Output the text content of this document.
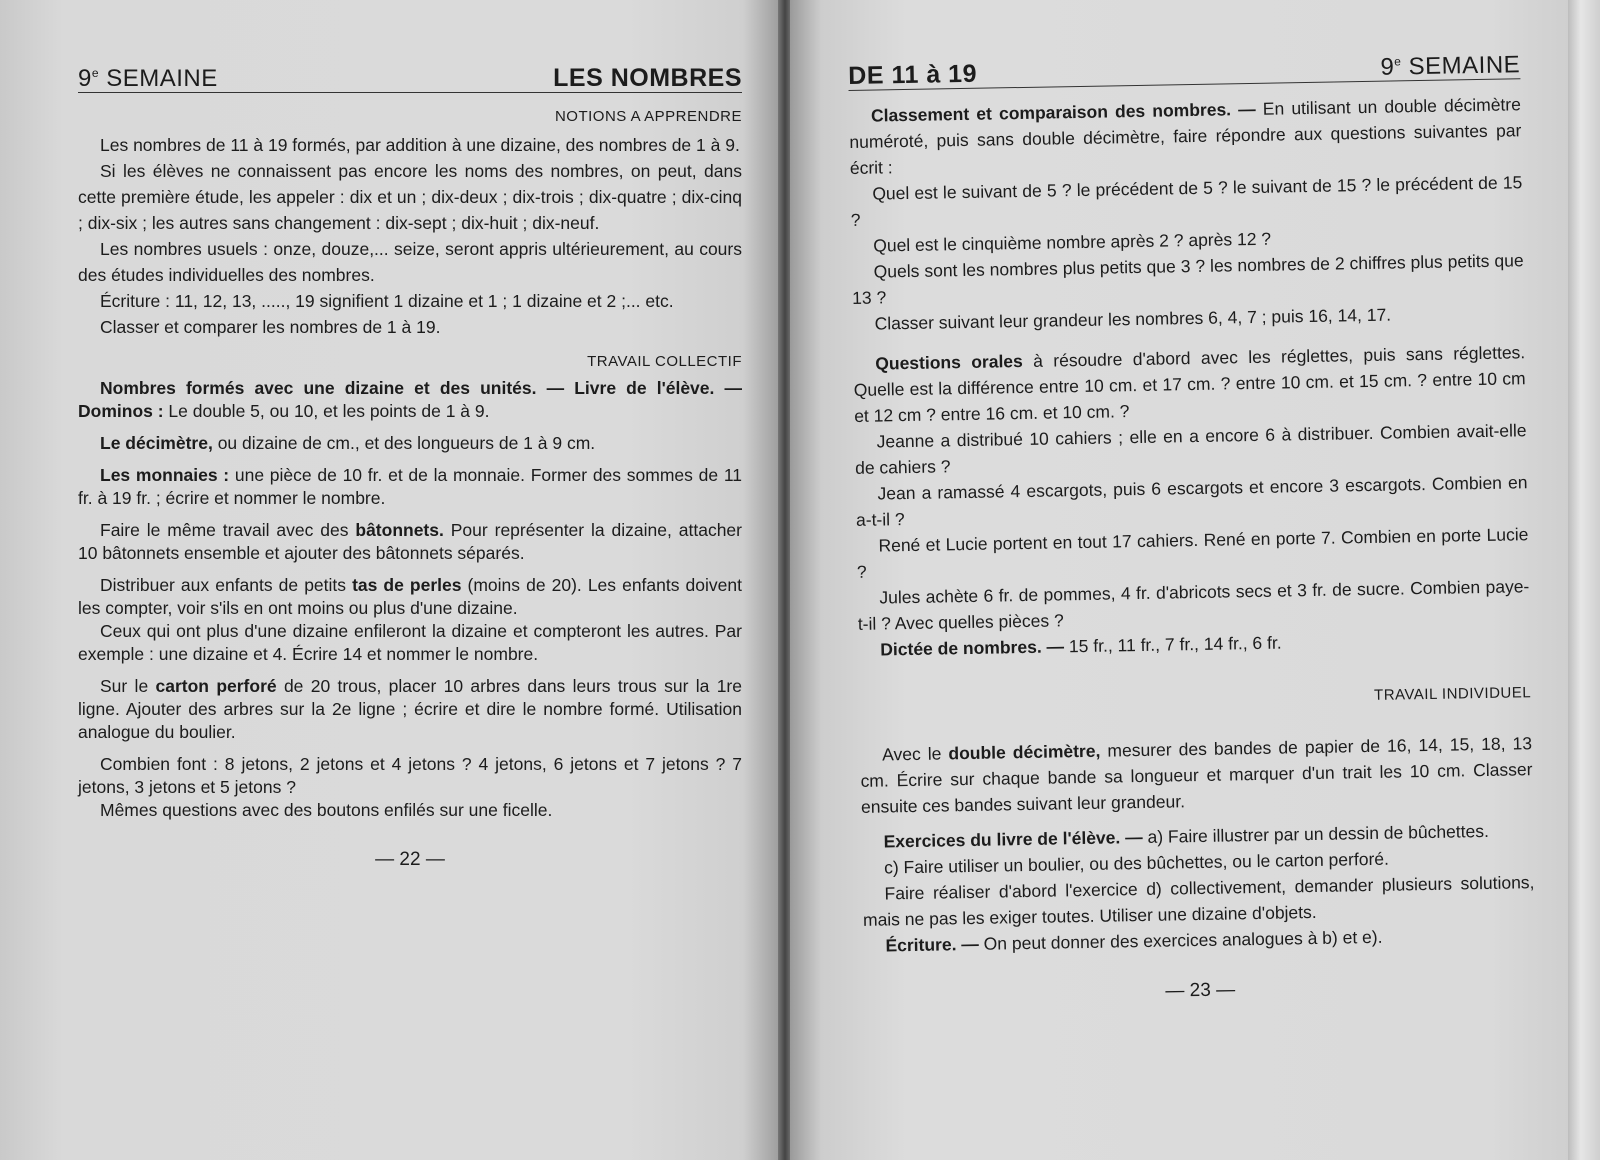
9e SEMAINE	LES NOMBRES
NOTIONS A APPRENDRE

Les nombres de 11 à 19 formés, par addition à une dizaine, des nombres de 1 à 9.

Si les élèves ne connaissent pas encore les noms des nombres, on peut, dans cette première étude, les appeler : dix et un ; dix-deux ; dix-trois ; dix-quatre ; dix-cinq ; dix-six ; les autres sans changement : dix-sept ; dix-huit ; dix-neuf.

Les nombres usuels : onze, douze,... seize, seront appris ultérieurement, au cours des études individuelles des nombres.

Écriture : 11, 12, 13, ....., 19 signifient 1 dizaine et 1 ; 1 dizaine et 2 ;... etc.

Classer et comparer les nombres de 1 à 19.

TRAVAIL COLLECTIF

Nombres formés avec une dizaine et des unités. — Livre de l'élève. — Dominos : Le double 5, ou 10, et les points de 1 à 9.

Le décimètre, ou dizaine de cm., et des longueurs de 1 à 9 cm.

Les monnaies : une pièce de 10 fr. et de la monnaie. Former des sommes de 11 fr. à 19 fr. ; écrire et nommer le nombre.

Faire le même travail avec des bâtonnets. Pour représenter la dizaine, attacher 10 bâtonnets ensemble et ajouter des bâtonnets séparés.

Distribuer aux enfants de petits tas de perles (moins de 20). Les enfants doivent les compter, voir s'ils en ont moins ou plus d'une dizaine.

Ceux qui ont plus d'une dizaine enfileront la dizaine et compteront les autres. Par exemple : une dizaine et 4. Écrire 14 et nommer le nombre.

Sur le carton perforé de 20 trous, placer 10 arbres dans leurs trous sur la 1re ligne. Ajouter des arbres sur la 2e ligne ; écrire et dire le nombre formé. Utilisation analogue du boulier.

Combien font : 8 jetons, 2 jetons et 4 jetons ? 4 jetons, 6 jetons et 7 jetons ? 7 jetons, 3 jetons et 5 jetons ?

Mêmes questions avec des boutons enfilés sur une ficelle.

— 22 —
DE 11 à 19	9e SEMAINE

Classement et comparaison des nombres. — En utilisant un double décimètre numéroté, puis sans double décimètre, faire répondre aux questions suivantes par écrit :

Quel est le suivant de 5 ? le précédent de 5 ? le suivant de 15 ? le précédent de 15 ?

Quel est le cinquième nombre après 2 ? après 12 ?

Quels sont les nombres plus petits que 3 ? les nombres de 2 chiffres plus petits que 13 ?

Classer suivant leur grandeur les nombres 6, 4, 7 ; puis 16, 14, 17.

Questions orales à résoudre d'abord avec les réglettes, puis sans réglettes. Quelle est la différence entre 10 cm. et 17 cm. ? entre 10 cm. et 15 cm. ? entre 10 cm et 12 cm ? entre 16 cm. et 10 cm. ?

Jeanne a distribué 10 cahiers ; elle en a encore 6 à distribuer. Combien avait-elle de cahiers ?

Jean a ramassé 4 escargots, puis 6 escargots et encore 3 escargots. Combien en a-t-il ?

René et Lucie portent en tout 17 cahiers. René en porte 7. Combien en porte Lucie ?

Jules achète 6 fr. de pommes, 4 fr. d'abricots secs et 3 fr. de sucre. Combien paye-t-il ? Avec quelles pièces ?

Dictée de nombres. — 15 fr., 11 fr., 7 fr., 14 fr., 6 fr.

TRAVAIL INDIVIDUEL

Avec le double décimètre, mesurer des bandes de papier de 16, 14, 15, 18, 13 cm. Écrire sur chaque bande sa longueur et marquer d'un trait les 10 cm. Classer ensuite ces bandes suivant leur grandeur.

Exercices du livre de l'élève. — a) Faire illustrer par un dessin de bûchettes.

c) Faire utiliser un boulier, ou des bûchettes, ou le carton perforé.

Faire réaliser d'abord l'exercice d) collectivement, demander plusieurs solutions, mais ne pas les exiger toutes. Utiliser une dizaine d'objets.

Écriture. — On peut donner des exercices analogues à b) et e).

— 23 —
